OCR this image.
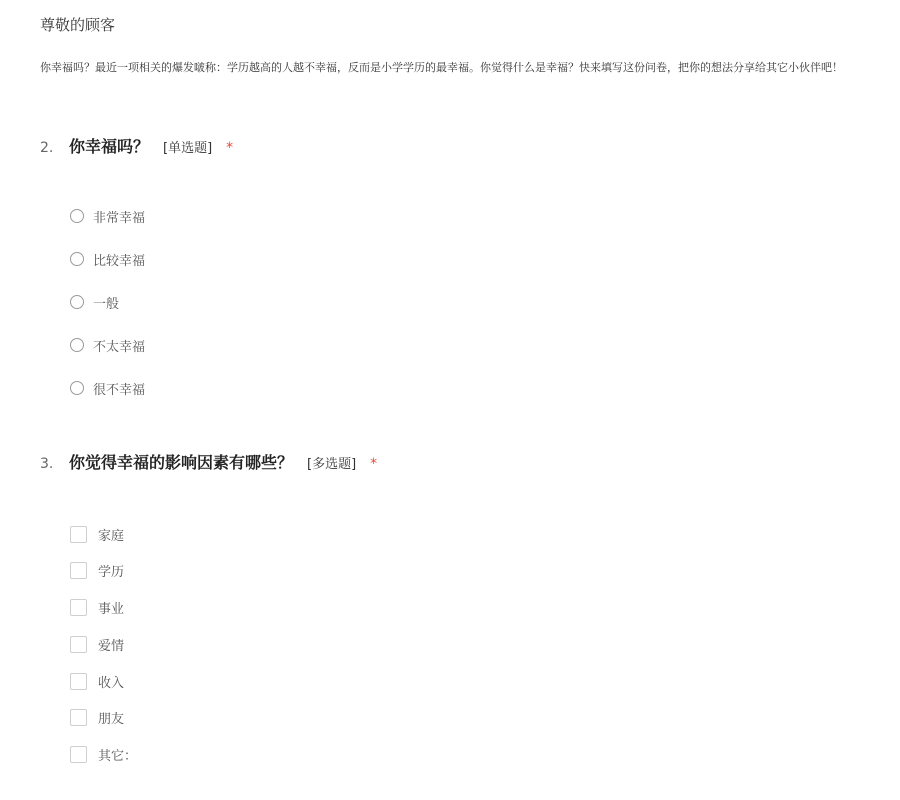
尊敬的顾客
你幸福吗？最近一项相关的爆发啵称：学历越高的人越不幸福，反而是小学学历的最幸福。你觉得什么是幸福？快来填写这份问卷，把你的想法分享给其它小伙伴吧！
2. 你幸福吗？ [单选题] *
非常幸福
比较幸福
一般
不太幸福
很不幸福
3. 你觉得幸福的影响因素有哪些？ [多选题] *
家庭
学历
事业
爱情
收入
朋友
其它：
